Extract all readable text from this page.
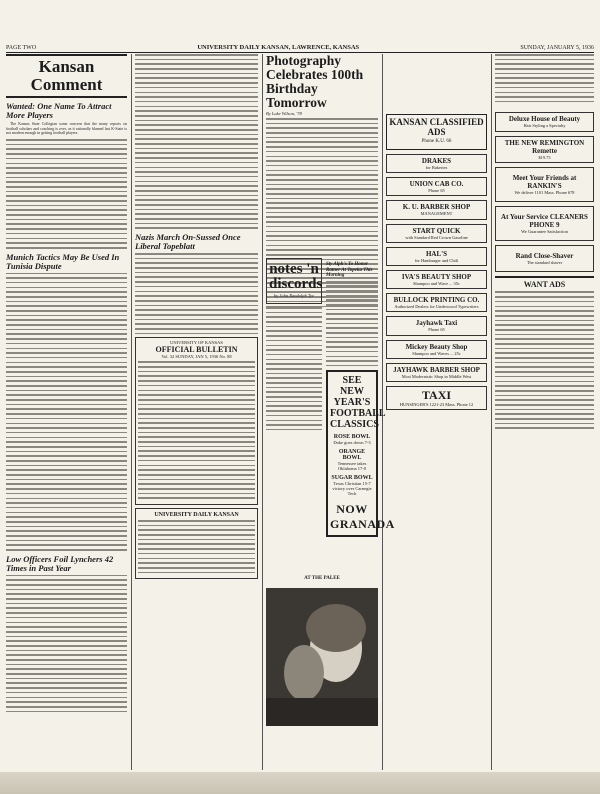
PAGE TWO	UNIVERSITY DAILY KANSAN, LAWRENCE, KANSAS	SUNDAY, JANUARY 5, 1936
Kansan Comment
Wanted: One Name To Attract More Players

The Kansas State Collegian some concern that the many reports on football scholars and coaching is over, as it rationally blamed last K-State is not modern enough in getting football players.

Munich Tactics May Be Used In Tunisia Dispute
Low Officers Foil Lynchers 42 Times in Past Year
Nazis March On-Sussed Once Liberal Topeblatt
UNIVERSITY OF KANSAS
OFFICIAL BULLETIN
Vol. 32 SUNDAY, JAN 5, 1936 No. 88
UNIVERSITY DAILY KANSAN
Photography Celebrates 100th Birthday Tomorrow
By Lake Wilson, '78
notes 'n discords
by John Randolph Tye
Sty Alph's To Honor Ratner At Topeka This Morning
SEE NEW YEAR'S FOOTBALL CLASSICS
ROSE BOWL
Duke goes down 7-3
ORANGE BOWL
Tennessee takes Oklahoma 17-0
SUGAR BOWL
Texas Christian 15-7 victory over Carnegie Tech
NOW GRANADA
AT THE PALEE
KANSAN CLASSIFIED ADS
Phone K.U. 66
DRAKES
for Bakeries
UNION CAB CO.
Phone 65
K. U. BARBER SHOP
MANAGEMENT
START QUICK
with Standard Red Crown Gasoline
HAL'S
for Hamburger and Chili
IVA'S BEAUTY SHOP
Shampoo and Wave ... 35c
BULLOCK PRINTING CO.
Authorized Dealers for Underwood Typewriters
Jayhawk Taxi
Phone 65
Mickey Beauty Shop
Shampoo and Waves ... 25c
JAYHAWK BARBER SHOP
Most Modernistic Shop in Middle West
TAXI
HUNSINGER'S 1221-23 Mass. Phone 12
Deluxe House of Beauty
Hair Styling a Specialty
THE NEW REMINGTON Remette
$19.75
Meet Your Friends at RANKIN'S
We deliver 1101 Mass. Phone 678
At Your Service CLEANERS PHONE 9
We Guarantee Satisfaction
Rand Close-Shaver
The standard shaver
WANT ADS
